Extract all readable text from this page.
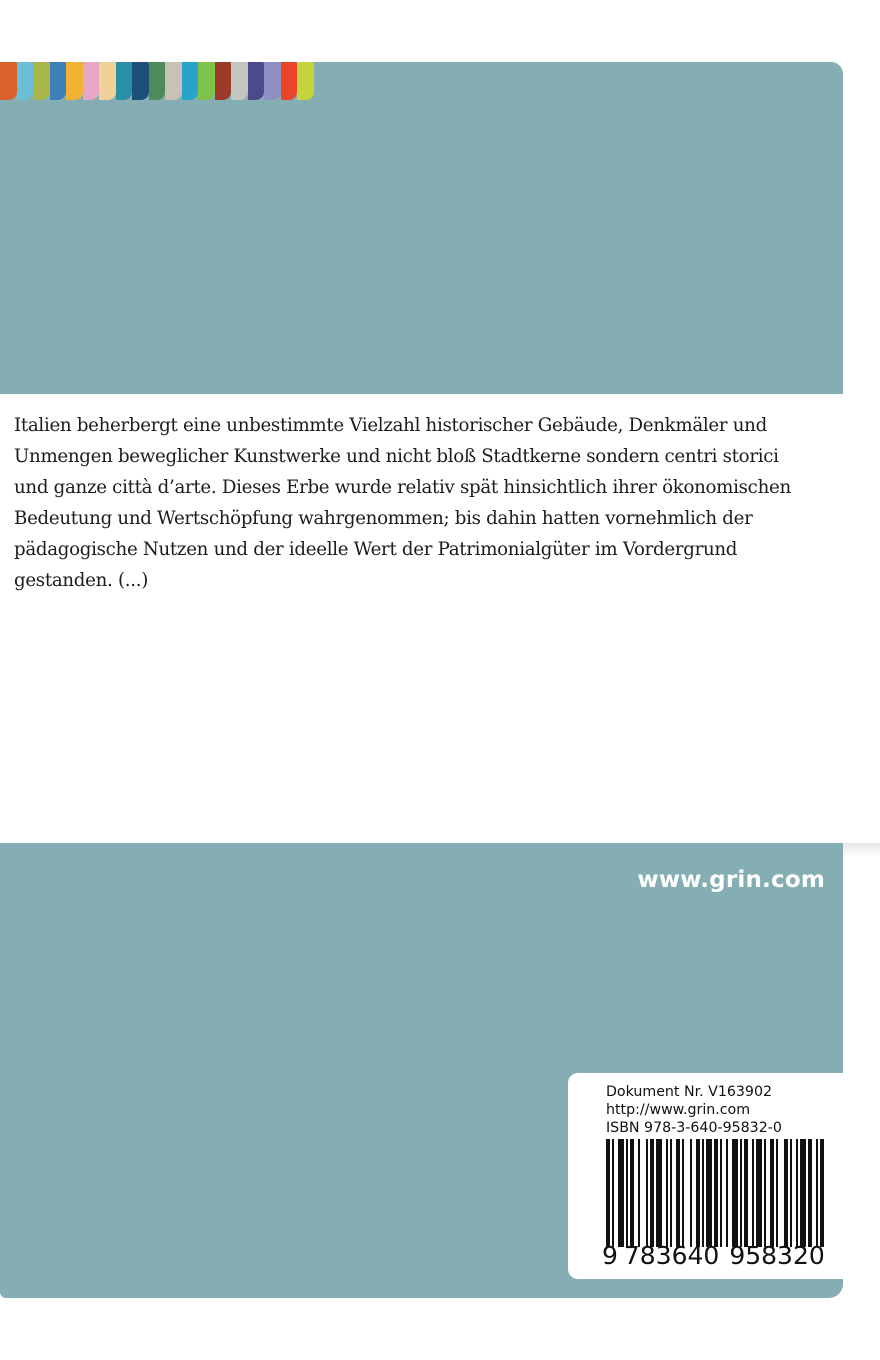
Italien beherbergt eine unbestimmte Vielzahl historischer Gebäude, Denkmäler und Unmengen beweglicher Kunstwerke und nicht bloß Stadtkerne sondern centri storici und ganze città d’arte. Dieses Erbe wurde relativ spät hinsichtlich ihrer ökonomischen Bedeutung und Wertschöpfung wahrgenommen; bis dahin hatten vornehmlich der pädagogische Nutzen und der ideelle Wert der Patrimonialgüter im Vordergrund gestanden. (...)

www.grin.com
Dokument Nr. V163902
http://www.grin.com
ISBN 978-3-640-95832-0
9 783640 958320
